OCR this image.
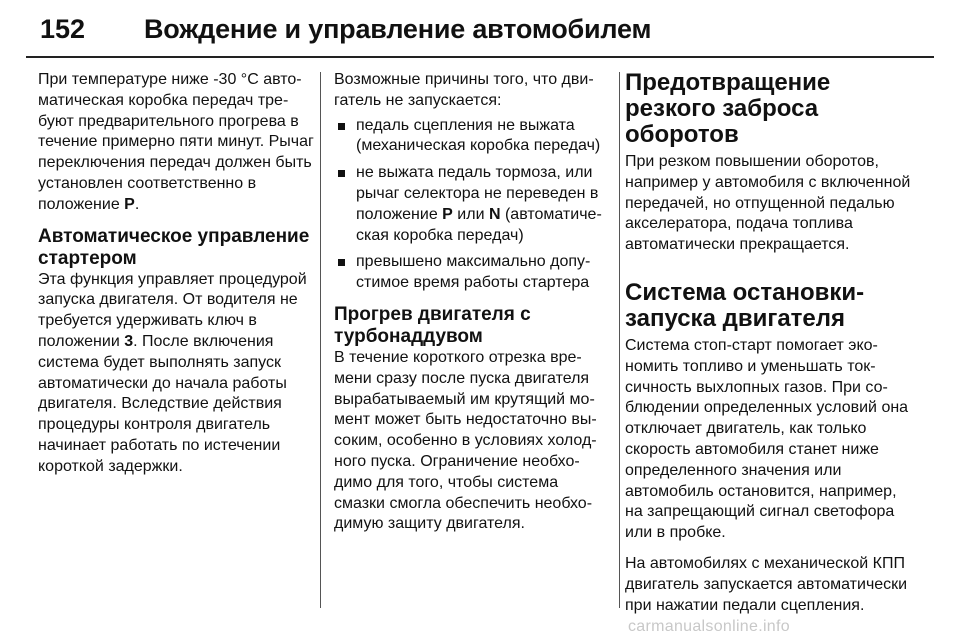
152 Вождение и управление автомобилем

При температуре ниже -30 °C автоматическая коробка передач требуют предварительного прогрева в течение примерно пяти минут. Рычаг переключения передач должен быть установлен соответственно в положение P.

Автоматическое управление стартером

Эта функция управляет процедурой запуска двигателя. От водителя не требуется удерживать ключ в положении 3. После включения система будет выполнять запуск автоматически до начала работы двигателя. Вследствие действия процедуры контроля двигатель начинает работать по истечении короткой задержки.

Возможные причины того, что двигатель не запускается:

педаль сцепления не выжата (механическая коробка передач)
не выжата педаль тормоза, или рычаг селектора не переведен в положение P или N (автоматическая коробка передач)
превышено максимально допустимое время работы стартера
Прогрев двигателя с турбонаддувом

В течение короткого отрезка времени сразу после пуска двигателя вырабатываемый им крутящий момент может быть недостаточно высоким, особенно в условиях холодного пуска. Ограничение необходимо для того, чтобы система смазки смогла обеспечить необходимую защиту двигателя.

Предотвращение резкого заброса оборотов

При резком повышении оборотов, например у автомобиля с включенной передачей, но отпущенной педалью акселератора, подача топлива автоматически прекращается.

Система остановки-запуска двигателя

Система стоп-старт помогает экономить топливо и уменьшать токсичность выхлопных газов. При соблюдении определенных условий она отключает двигатель, как только скорость автомобиля станет ниже определенного значения или автомобиль остановится, например, на запрещающий сигнал светофора или в пробке.

На автомобилях с механической КПП двигатель запускается автоматически при нажатии педали сцепления.

carmanualsonline.info
